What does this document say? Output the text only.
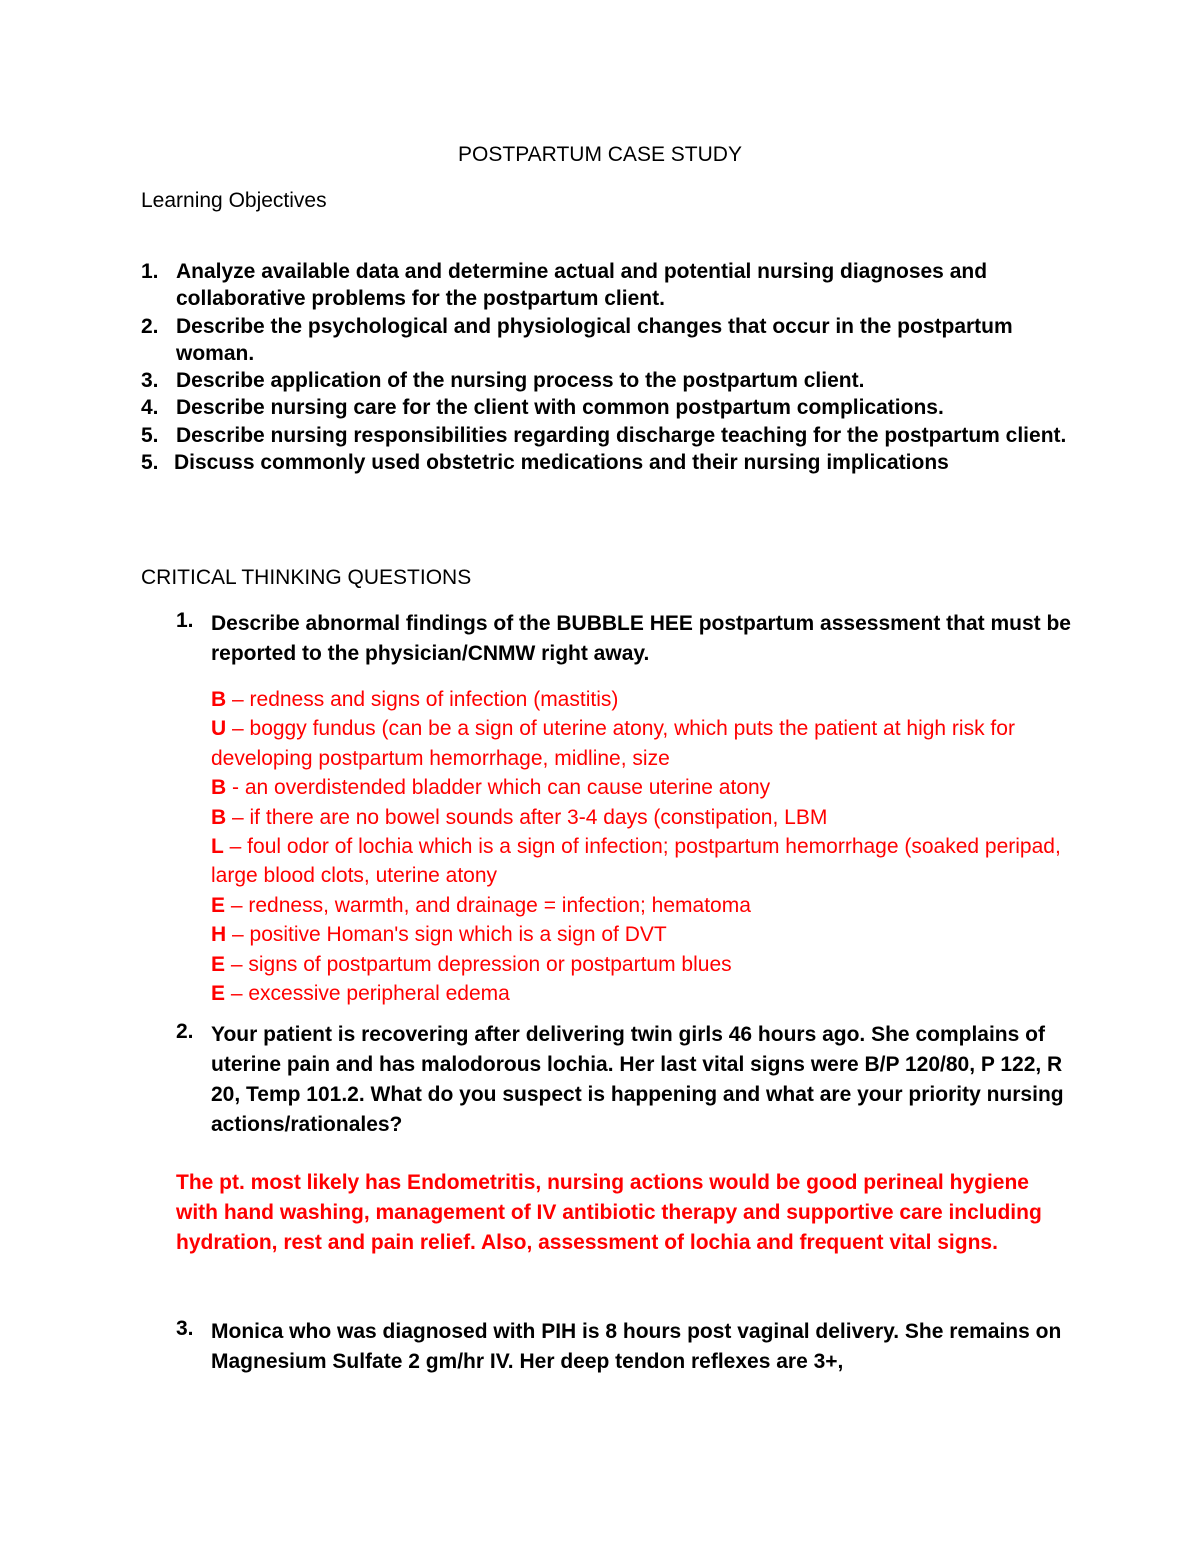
POSTPARTUM CASE STUDY
Learning Objectives
1. Analyze available data and determine actual and potential nursing diagnoses and collaborative problems for the postpartum client.
2. Describe the psychological and physiological changes that occur in the postpartum woman.
3. Describe application of the nursing process to the postpartum client.
4. Describe nursing care for the client with common postpartum complications.
5. Describe nursing responsibilities regarding discharge teaching for the postpartum client.
5. Discuss commonly used obstetric medications and their nursing implications
CRITICAL THINKING QUESTIONS
1. Describe abnormal findings of the BUBBLE HEE postpartum assessment that must be reported to the physician/CNMW right away.

B – redness and signs of infection (mastitis)
U – boggy fundus (can be a sign of uterine atony, which puts the patient at high risk for developing postpartum hemorrhage, midline, size
B - an overdistended bladder which can cause uterine atony
B – if there are no bowel sounds after 3-4 days (constipation, LBM
L – foul odor of lochia which is a sign of infection; postpartum hemorrhage (soaked peripad, large blood clots, uterine atony
E – redness, warmth, and drainage = infection; hematoma
H – positive Homan's sign which is a sign of DVT
E – signs of postpartum depression or postpartum blues
E – excessive peripheral edema
2. Your patient is recovering after delivering twin girls 46 hours ago. She complains of uterine pain and has malodorous lochia. Her last vital signs were B/P 120/80, P 122, R 20, Temp 101.2. What do you suspect is happening and what are your priority nursing actions/rationales?

The pt. most likely has Endometritis, nursing actions would be good perineal hygiene with hand washing, management of IV antibiotic therapy and supportive care including hydration, rest and pain relief. Also, assessment of lochia and frequent vital signs.

3. Monica who was diagnosed with PIH is 8 hours post vaginal delivery. She remains on Magnesium Sulfate 2 gm/hr IV. Her deep tendon reflexes are 3+,
